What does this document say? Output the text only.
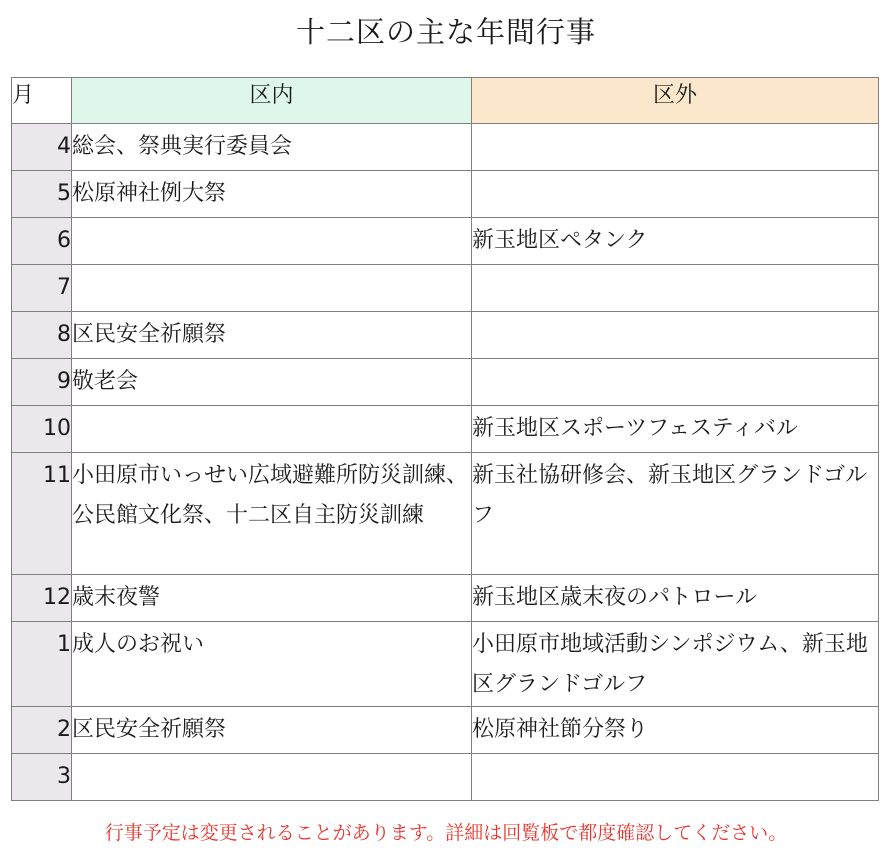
十二区の主な年間行事
月	区内	区外
4	総会、祭典実行委員会	
5	松原神社例大祭	
6		新玉地区ペタンク
7		
8	区民安全祈願祭	
9	敬老会	
10		新玉地区スポーツフェスティバル
11	小田原市いっせい広域避難所防災訓練、公民館文化祭、十二区自主防災訓練	新玉社協研修会、新玉地区グランドゴルフ
12	歳末夜警	新玉地区歳末夜のパトロール
1	成人のお祝い	小田原市地域活動シンポジウム、新玉地区グランドゴルフ
2	区民安全祈願祭	松原神社節分祭り
3		
行事予定は変更されることがあります。詳細は回覧板で都度確認してください。
